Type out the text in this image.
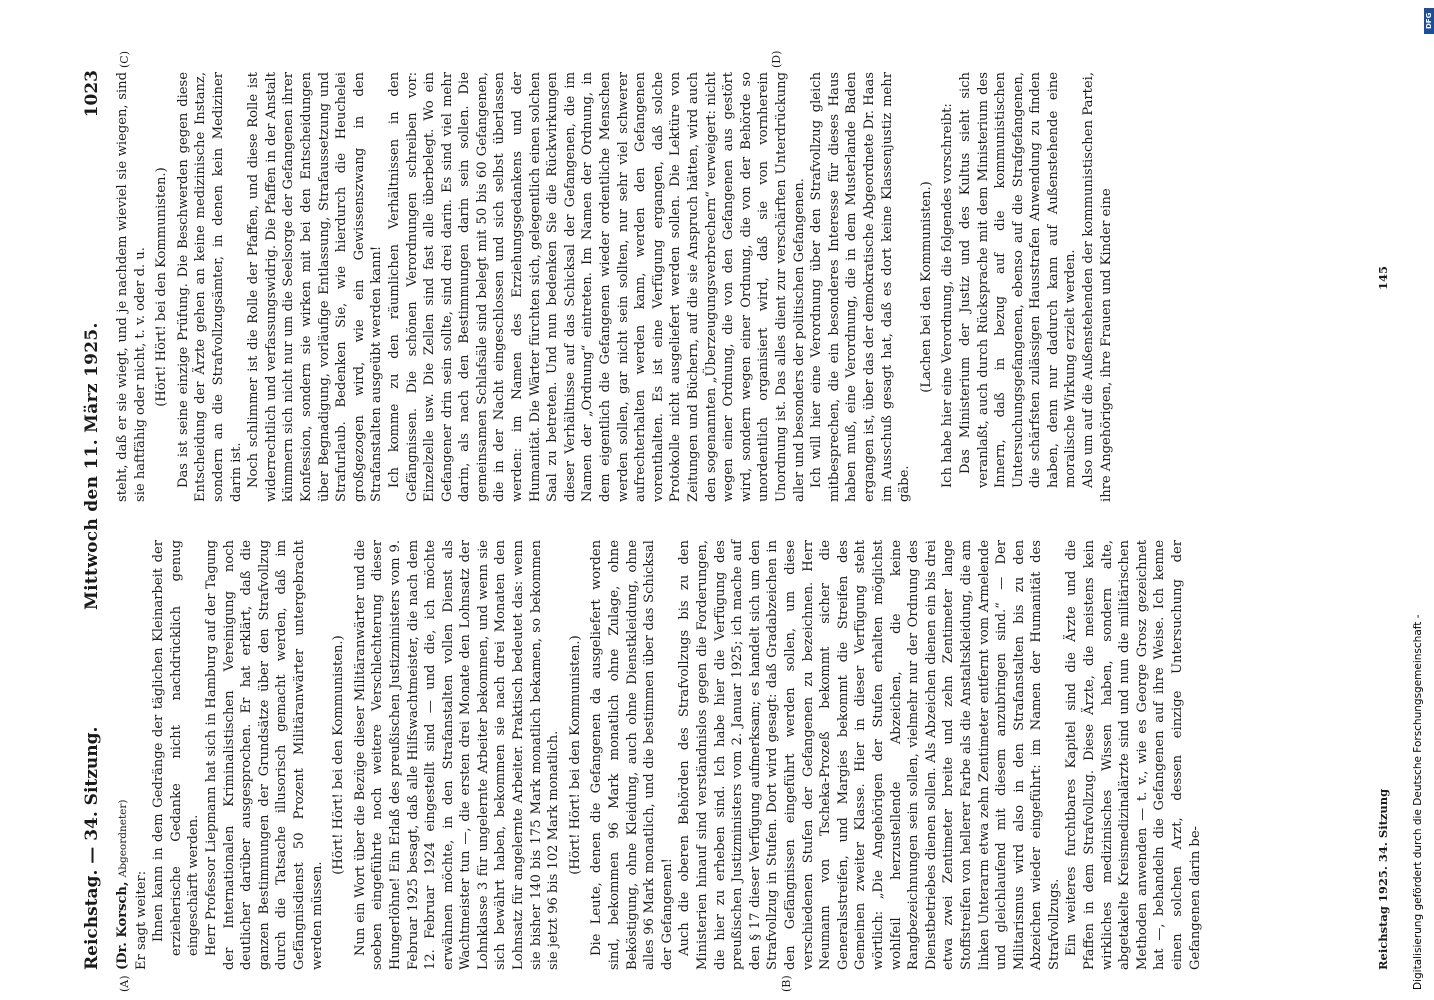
Reichstag. — 34. Sitzung.
Mittwoch den 11. März 1925.
1023

(Dr. Korsch, Abgeordneter)

Er sagt weiter: Ihnen kann in dem Gedränge der täglichen Kleinarbeit der erzieherische Gedanke nicht nachdrücklich genug eingeschärft werden. Herr Professor Liepmann hat sich in Hamburg auf der Tagung der Internationalen Kriminalistischen Vereinigung noch deutlicher darüber ausgesprochen. Er hat erklärt, daß die ganzen Bestimmungen der Grundsätze über den Strafvollzug durch die Tatsache illusorisch gemacht werden, daß im Gefängnisdienst 50 Prozent Militäranwärter untergebracht werden müssen.

(Hört! Hört! bei den Kommunisten.) Nun ein Wort über die Bezüge dieser Militäranwärter und die soeben eingeführte noch weitere Verschlechterung dieser Hungerlöhne! Ein Erlaß des preußischen Justizministers vom 9. Februar 1925 besagt, daß alle Hilfswachtmeister, die nach dem 12. Februar 1924 eingestellt sind — und die, ich möchte erwähnen möchte, in den Strafanstalten vollen Dienst als Wachtmeister tun —, die ersten drei Monate den Lohnsatz der Lohnklasse 3 für ungelernte Arbeiter bekommen, und wenn sie sich bewährt haben, bekommen sie nach drei Monaten den Lohnsatz für angelernte Arbeiter. Praktisch bedeutet das: wenn sie bisher 140 bis 175 Mark monatlich bekamen, so bekommen sie jetzt 96 bis 102 Mark monatlich. (Hört! Hört! bei den Kommunisten.) Die Leute, denen die Gefangenen da ausgeliefert worden sind, bekommen 96 Mark monatlich ohne Zulage, ohne Beköstigung, ohne Kleidung, auch ohne Dienstkleidung, ohne alles 96 Mark monatlich, und die bestimmen über das Schicksal der Gefangenen! Auch die oberen Behörden des Strafvollzugs bis zu den Ministerien hinauf sind verständnislos gegen die Forderungen, die hier zu erheben sind. Ich habe hier die Verfügung des preußischen Justizministers vom 2. Januar 1925; ich mache auf den § 17 dieser Verfügung aufmerksam; es handelt sich um den Strafvollzug in Stufen. Dort wird gesagt: daß Gradabzeichen in den Gefängnissen eingeführt werden sollen, um diese verschiedenen Stufen der Gefangenen zu bezeichnen. Herr Neumann von Tscheka-Prozeß bekommt sicher die Generalsstreifen, und Margies bekommt die Streifen des Gemeinen zweiter Klasse. Hier in dieser Verfügung steht wörtlich: „Die Angehörigen der Stufen erhalten möglichst wohlfeil herzustellende Abzeichen, die keine Rangbezeichnungen sein sollen, vielmehr nur der Ordnung des Dienstbetriebes dienen sollen. Als Abzeichen dienen ein bis drei etwa zwei Zentimeter breite und zehn Zentimeter lange Stoffstreifen von hellerer Farbe als die Anstaltskleidung, die am linken Unterarm etwa zehn Zentimeter entfernt vom Armelende und gleichlaufend mit diesem anzubringen sind.“ — Der Militarismus wird also in den Strafanstalten bis zu den Abzeichen wieder eingeführt: im Namen der Humanität des Strafvollzugs. Ein weiteres furchtbares Kapitel sind die Ärzte und die Pfaffen in dem Strafvollzug. Diese Ärzte, die meistens kein wirkliches medizinisches Wissen haben, sondern alte, abgetakelte Kreismedizinalärzte sind und nun die militärischen Methoden anwenden — t. v., wie es George Grosz gezeichnet hat —, behandeln die Gefangenen auf ihre Weise. Ich kenne einen solchen Arzt, dessen einzige Untersuchung der Gefangenen darin be-

steht, daß er sie wiegt, und je nachdem wieviel sie wiegen, sind sie haftfähig oder nicht, t. v. oder d. u. (Hört! Hört! bei den Kommunisten.) Das ist seine einzige Prüfung. Die Beschwerden gegen diese Entscheidung der Ärzte gehen an keine medizinische Instanz, sondern an die Strafvollzugsämter, in denen kein Mediziner darin ist. Noch schlimmer ist die Rolle der Pfaffen, und diese Rolle ist widerrechtlich und verfassungswidrig. Die Pfaffen in der Anstalt kümmern sich nicht nur um die Seelsorge der Gefangenen ihrer Konfession, sondern sie wirken mit bei den Entscheidungen über Begnadigung, vorläufige Entlassung, Strafaussetzung und Strafurlaub. Bedenken Sie, wie hierdurch die Heuchelei großgezogen wird, wie ein Gewissenszwang in den Strafanstalten ausgeübt werden kann! Ich komme zu den räumlichen Verhältnissen in den Gefängnissen. Die schönen Verordnungen schreiben vor: Einzelzelle usw. Die Zellen sind fast alle überbelegt. Wo ein Gefangener drin sein sollte, sind drei darin. Es sind viel mehr darin, als nach den Bestimmungen darin sein sollen. Die gemeinsamen Schlafsäle sind belegt mit 50 bis 60 Gefangenen, die in der Nacht eingeschlossen und sich selbst überlassen werden: im Namen des Erziehungsgedankens und der Humanität. Die Wärter fürchten sich, gelegentlich einen solchen Saal zu betreten. Und nun bedenken Sie die Rückwirkungen dieser Verhältnisse auf das Schicksal der Gefangenen, die im Namen der „Ordnung“ eintreten. Im Namen der Ordnung, in dem eigentlich die Gefangenen wieder ordentliche Menschen werden sollen, gar nicht sein sollten, nur sehr viel schwerer aufrechterhalten werden kann, werden den Gefangenen vorenthalten. Es ist eine Verfügung ergangen, daß solche Protokolle nicht ausgeliefert werden sollen. Die Lektüre von Zeitungen und Büchern, auf die sie Anspruch hätten, wird auch den sogenannten „Überzeugungsverbrechern“ verweigert: nicht wegen einer Ordnung, die von den Gefangenen aus gestört wird, sondern wegen einer Ordnung, die von der Behörde so unordentlich organisiert wird, daß sie von vornherein Unordnung ist. Das alles dient zur verschärften Unterdrückung aller und besonders der politischen Gefangenen. Ich will hier eine Verordnung über den Strafvollzug gleich mitbesprechen, die ein besonderes Interesse für dieses Haus haben muß, eine Verordnung, die in dem Musterlande Baden ergangen ist, über das der demokratische Abgeordnete Dr. Haas im Ausschuß gesagt hat, daß es dort keine Klassenjustiz mehr gäbe.

(Lachen bei den Kommunisten.) Ich habe hier eine Verordnung, die folgendes vorschreibt: Das Ministerium der Justiz und des Kultus sieht sich veranlaßt, auch durch Rücksprache mit dem Ministerium des Innern, daß in bezug auf die kommunistischen Untersuchungsgefangenen, ebenso auf die Strafgefangenen, die schärfsten zulässigen Hausstrafen Anwendung zu finden haben, denn nur dadurch kann auf Außenstehende eine moralische Wirkung erzielt werden. Also um auf die Außenstehenden der kommunistischen Partei, ihre Angehörigen, ihre Frauen und Kinder eine

(A)	(B)
(C)	(D)
Reichstag 1925. 34. Sitzung
145
Digitalisierung gefördert durch die Deutsche Forschungsgemeinschaft -
DFG
